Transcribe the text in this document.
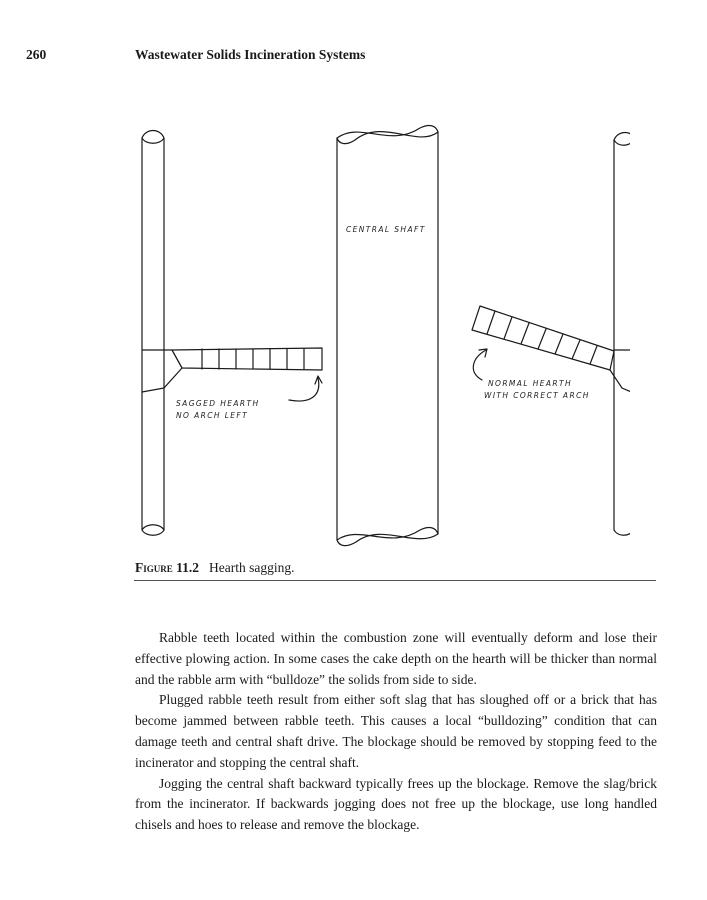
260	Wastewater Solids Incineration Systems
CENTRAL SHAFT
SAGGED HEARTH
NO ARCH LEFT
NORMAL HEARTH
WITH CORRECT ARCH
Figure 11.2 Hearth sagging.

Rabble teeth located within the combustion zone will eventually deform and lose their effective plowing action. In some cases the cake depth on the hearth will be thicker than normal and the rabble arm with “bulldoze” the solids from side to side.

Plugged rabble teeth result from either soft slag that has sloughed off or a brick that has become jammed between rabble teeth. This causes a local “bulldozing” condition that can damage teeth and central shaft drive. The blockage should be removed by stopping feed to the incinerator and stopping the central shaft.

Jogging the central shaft backward typically frees up the blockage. Remove the slag/brick from the incinerator. If backwards jogging does not free up the blockage, use long handled chisels and hoes to release and remove the blockage.
